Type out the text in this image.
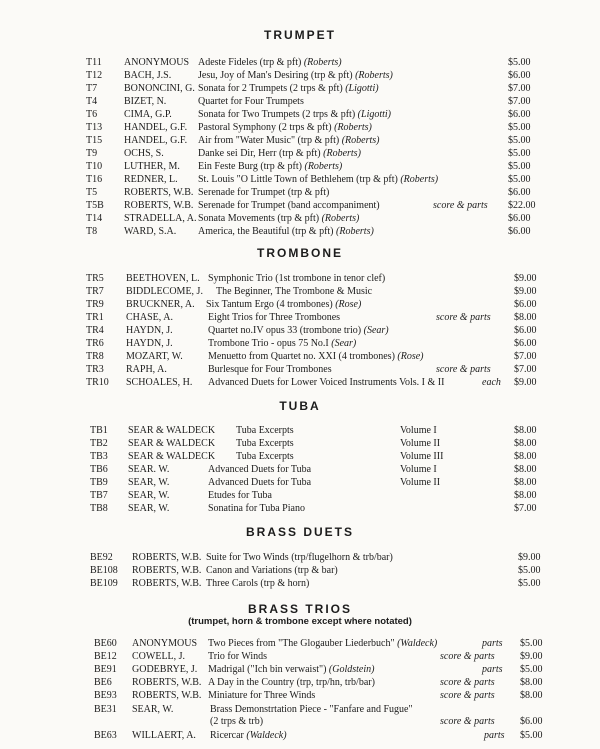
TRUMPET
T11 ANONYMOUS Adeste Fideles (trp & pft) (Roberts)	$5.00
T12 BACH, J.S.	Jesu, Joy of Man's Desiring (trp & pft) (Roberts)	$6.00
T7	BONONCINI, G. Sonata for 2 Trumpets (2 trps & pft) (Ligotti)	$7.00
T4	BIZET, N.	Quartet for Four Trumpets	$7.00
T6	CIMA, G.P.	Sonata for Two Trumpets (2 trps & pft) (Ligotti)	$6.00
T13 HANDEL, G.F. Pastoral Symphony (2 trps & pft) (Roberts)	$5.00
T15 HANDEL, G.F. Air from "Water Music" (trp & pft) (Roberts)	$5.00
T9	OCHS, S.	Danke sei Dir, Herr (trp & pft) (Roberts)	$5.00
T10 LUTHER, M. Ein Feste Burg (trp & pft) (Roberts)	$5.00
T16 REDNER, L. St. Louis "O Little Town of Bethlehem (trp & pft) (Roberts)	$5.00
T5	ROBERTS, W.B. Serenade for Trumpet (trp & pft)	$6.00
T5B ROBERTS, W.B. Serenade for Trumpet (band accompaniment)	score & parts $22.00
T14 STRADELLA, A. Sonata Movements (trp & pft) (Roberts)	$6.00
T8	WARD, S.A. America, the Beautiful (trp & pft) (Roberts)	$6.00
TROMBONE
TR5 BEETHOVEN, L. Symphonic Trio (1st trombone in tenor clef)	$9.00
TR7 BIDDLECOME, J. The Beginner, The Trombone & Music	$9.00
TR9 BRUCKNER, A. Six Tantum Ergo (4 trombones) (Rose)	$6.00
TR1 CHASE, A.	Eight Trios for Three Trombones	score & parts $8.00
TR4 HAYDN, J.	Quartet no.IV opus 33 (trombone trio) (Sear)	$6.00
TR6 HAYDN, J.	Trombone Trio - opus 75 No.I (Sear)	$6.00
TR8 MOZART, W.	Menuetto from Quartet no. XXI (4 trombones) (Rose)	$7.00
TR3 RAPH, A.	Burlesque for Four Trombones	score & parts $7.00
TR10 SCHOALES, H. Advanced Duets for Lower Voiced Instruments Vols. I & II	each $9.00
TUBA
TB1 SEAR & WALDECK Tuba Excerpts	Volume I	$8.00
TB2 SEAR & WALDECK Tuba Excerpts	Volume II	$8.00
TB3 SEAR & WALDECK Tuba Excerpts	Volume III	$8.00
TB6 SEAR. W.	Advanced Duets for Tuba	Volume I	$8.00
TB9 SEAR, W.	Advanced Duets for Tuba	Volume II	$8.00
TB7 SEAR, W.	Etudes for Tuba	$8.00
TB8 SEAR, W.	Sonatina for Tuba Piano	$7.00
BRASS DUETS
BE92 ROBERTS, W.B. Suite for Two Winds (trp/flugelhorn & trb/bar)	$9.00
BE108 ROBERTS, W.B. Canon and Variations (trp & bar)	$5.00
BE109 ROBERTS, W.B. Three Carols (trp & horn)	$5.00
BRASS TRIOS
(trumpet, horn & trombone except where notated)
BE60 ANONYMOUS Two Pieces from "The Glogauber Liederbuch" (Waldeck)	parts $5.00
BE12 COWELL, J. Trio for Winds	score & parts	$9.00
BE91 GODEBRYE, J. Madrigal ("Ich bin verwaist") (Goldstein)	parts $5.00
BE6 ROBERTS, W.B. A Day in the Country (trp, trp/hn, trb/bar)	score & parts	$8.00
BE93 ROBERTS, W.B. Miniature for Three Winds	score & parts	$8.00
BE31 SEAR, W.	Brass Demonstrtation Piece - "Fanfare and Fugue"
(2 trps & trb)	score & parts	$6.00
BE63 WILLAERT, A. Ricercar (Waldeck)	parts $5.00
